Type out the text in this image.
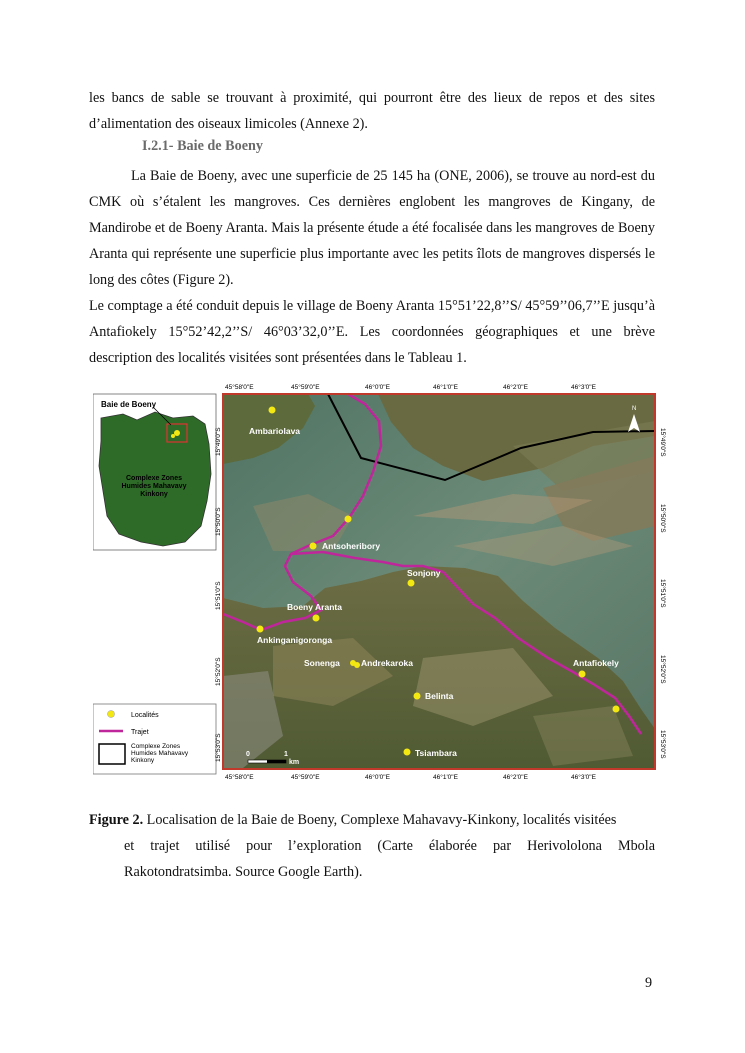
les bancs de sable se trouvant à proximité, qui pourront être des lieux de repos et des sites d’alimentation des oiseaux limicoles (Annexe 2).

I.2.1- Baie de Boeny

La Baie de Boeny, avec une superficie de 25 145 ha (ONE, 2006), se trouve au nord-est du CMK où s’étalent les mangroves. Ces dernières englobent les mangroves de Kingany, de Mandirobe et de Boeny Aranta. Mais la présente étude a été focalisée dans les mangroves de Boeny Aranta qui représente une superficie plus importante avec les petits îlots de mangroves dispersés le long des côtes (Figure 2).

Le comptage a été conduit depuis le village de Boeny Aranta 15°51’22,8’’S/ 45°59’’06,7’’E jusqu’à Antafiokely 15°52’42,2’’S/ 46°03’32,0’’E. Les coordonnées géographiques et une brève description des localités visitées sont présentées dans le Tableau 1.

Baie de Boeny
Complexe Zones
Humides Mahavavy
Kinkony
Localités
Trajet
Complexe Zones
Humides Mahavavy
Kinkony
Ambariolava
Antsoheribory
Sonjony
Boeny Aranta
Ankinganigoronga
Sonenga Andrekaroka
Belinta
Antafiokely
Tsiambara
N
0	1
km
45°58'0"E	45°59'0"E	46°0'0"E	46°1'0"E	46°2'0"E	46°3'0"E
45°58'0"E	45°59'0"E	46°0'0"E	46°1'0"E	46°2'0"E	46°3'0"E
15°49'0"S
15°50'0"S
15°51'0"S
15°52'0"S
15°53'0"S
15°49'0"S
15°50'0"S
15°51'0"S
15°52'0"S
15°53'0"S

Figure 2. Localisation de la Baie de Boeny, Complexe Mahavavy-Kinkony, localités visitées
et trajet utilisé pour l’exploration (Carte élaborée par Herivololona Mbola
Rakotondratsimba. Source Google Earth).

9
